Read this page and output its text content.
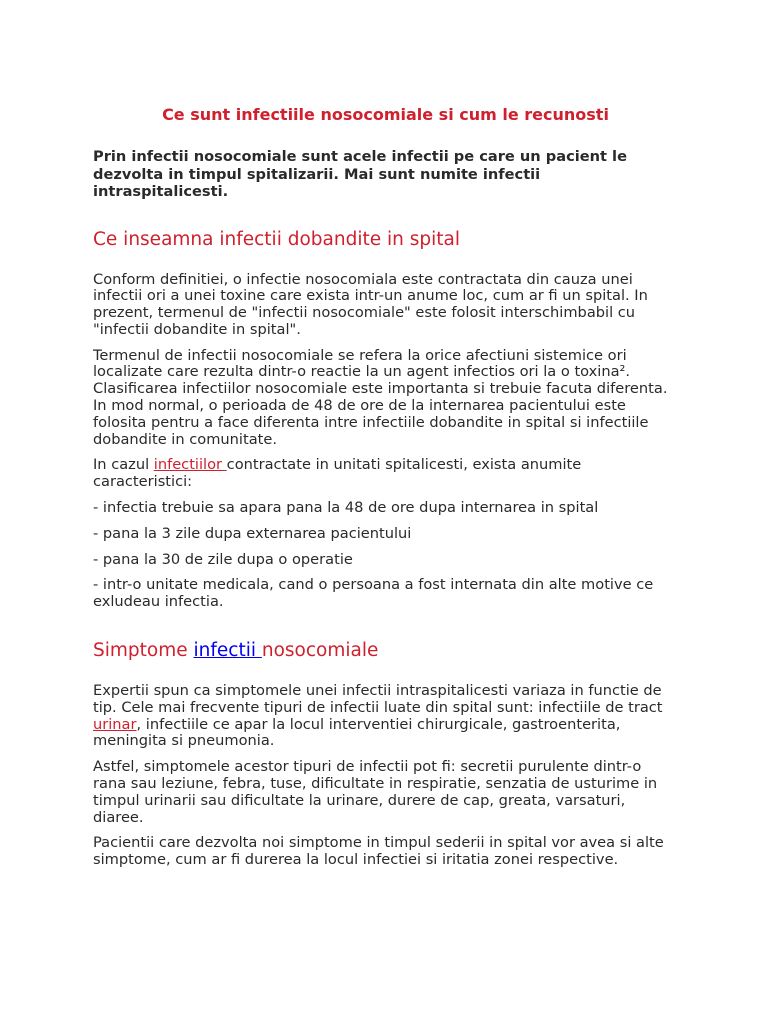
Ce sunt infectiile nosocomiale si cum le recunosti

Prin infectii nosocomiale sunt acele infectii pe care un pacient le dezvolta in timpul spitalizarii. Mai sunt numite infectii intraspitalicesti.

Ce inseamna infectii dobandite in spital

Conform definitiei, o infectie nosocomiala este contractata din cauza unei infectii ori a unei toxine care exista intr-un anume loc, cum ar fi un spital. In prezent, termenul de "infectii nosocomiale" este folosit interschimbabil cu "infectii dobandite in spital".

Termenul de infectii nosocomiale se refera la orice afectiuni sistemice ori localizate care rezulta dintr-o reactie la un agent infectios ori la o toxina². Clasificarea infectiilor nosocomiale este importanta si trebuie facuta diferenta. In mod normal, o perioada de 48 de ore de la internarea pacientului este folosita pentru a face diferenta intre infectiile dobandite in spital si infectiile dobandite in comunitate.

In cazul infectiilor contractate in unitati spitalicesti, exista anumite caracteristici:

- infectia trebuie sa apara pana la 48 de ore dupa internarea in spital

- pana la 3 zile dupa externarea pacientului

- pana la 30 de zile dupa o operatie

- intr-o unitate medicala, cand o persoana a fost internata din alte motive ce exludeau infectia.

Simptome infectii nosocomiale

Expertii spun ca simptomele unei infectii intraspitalicesti variaza in functie de tip. Cele mai frecvente tipuri de infectii luate din spital sunt: infectiile de tract urinar, infectiile ce apar la locul interventiei chirurgicale, gastroenterita, meningita si pneumonia.

Astfel, simptomele acestor tipuri de infectii pot fi: secretii purulente dintr-o rana sau leziune, febra, tuse, dificultate in respiratie, senzatia de usturime in timpul urinarii sau dificultate la urinare, durere de cap, greata, varsaturi, diaree.

Pacientii care dezvolta noi simptome in timpul sederii in spital vor avea si alte simptome, cum ar fi durerea la locul infectiei si iritatia zonei respective.
